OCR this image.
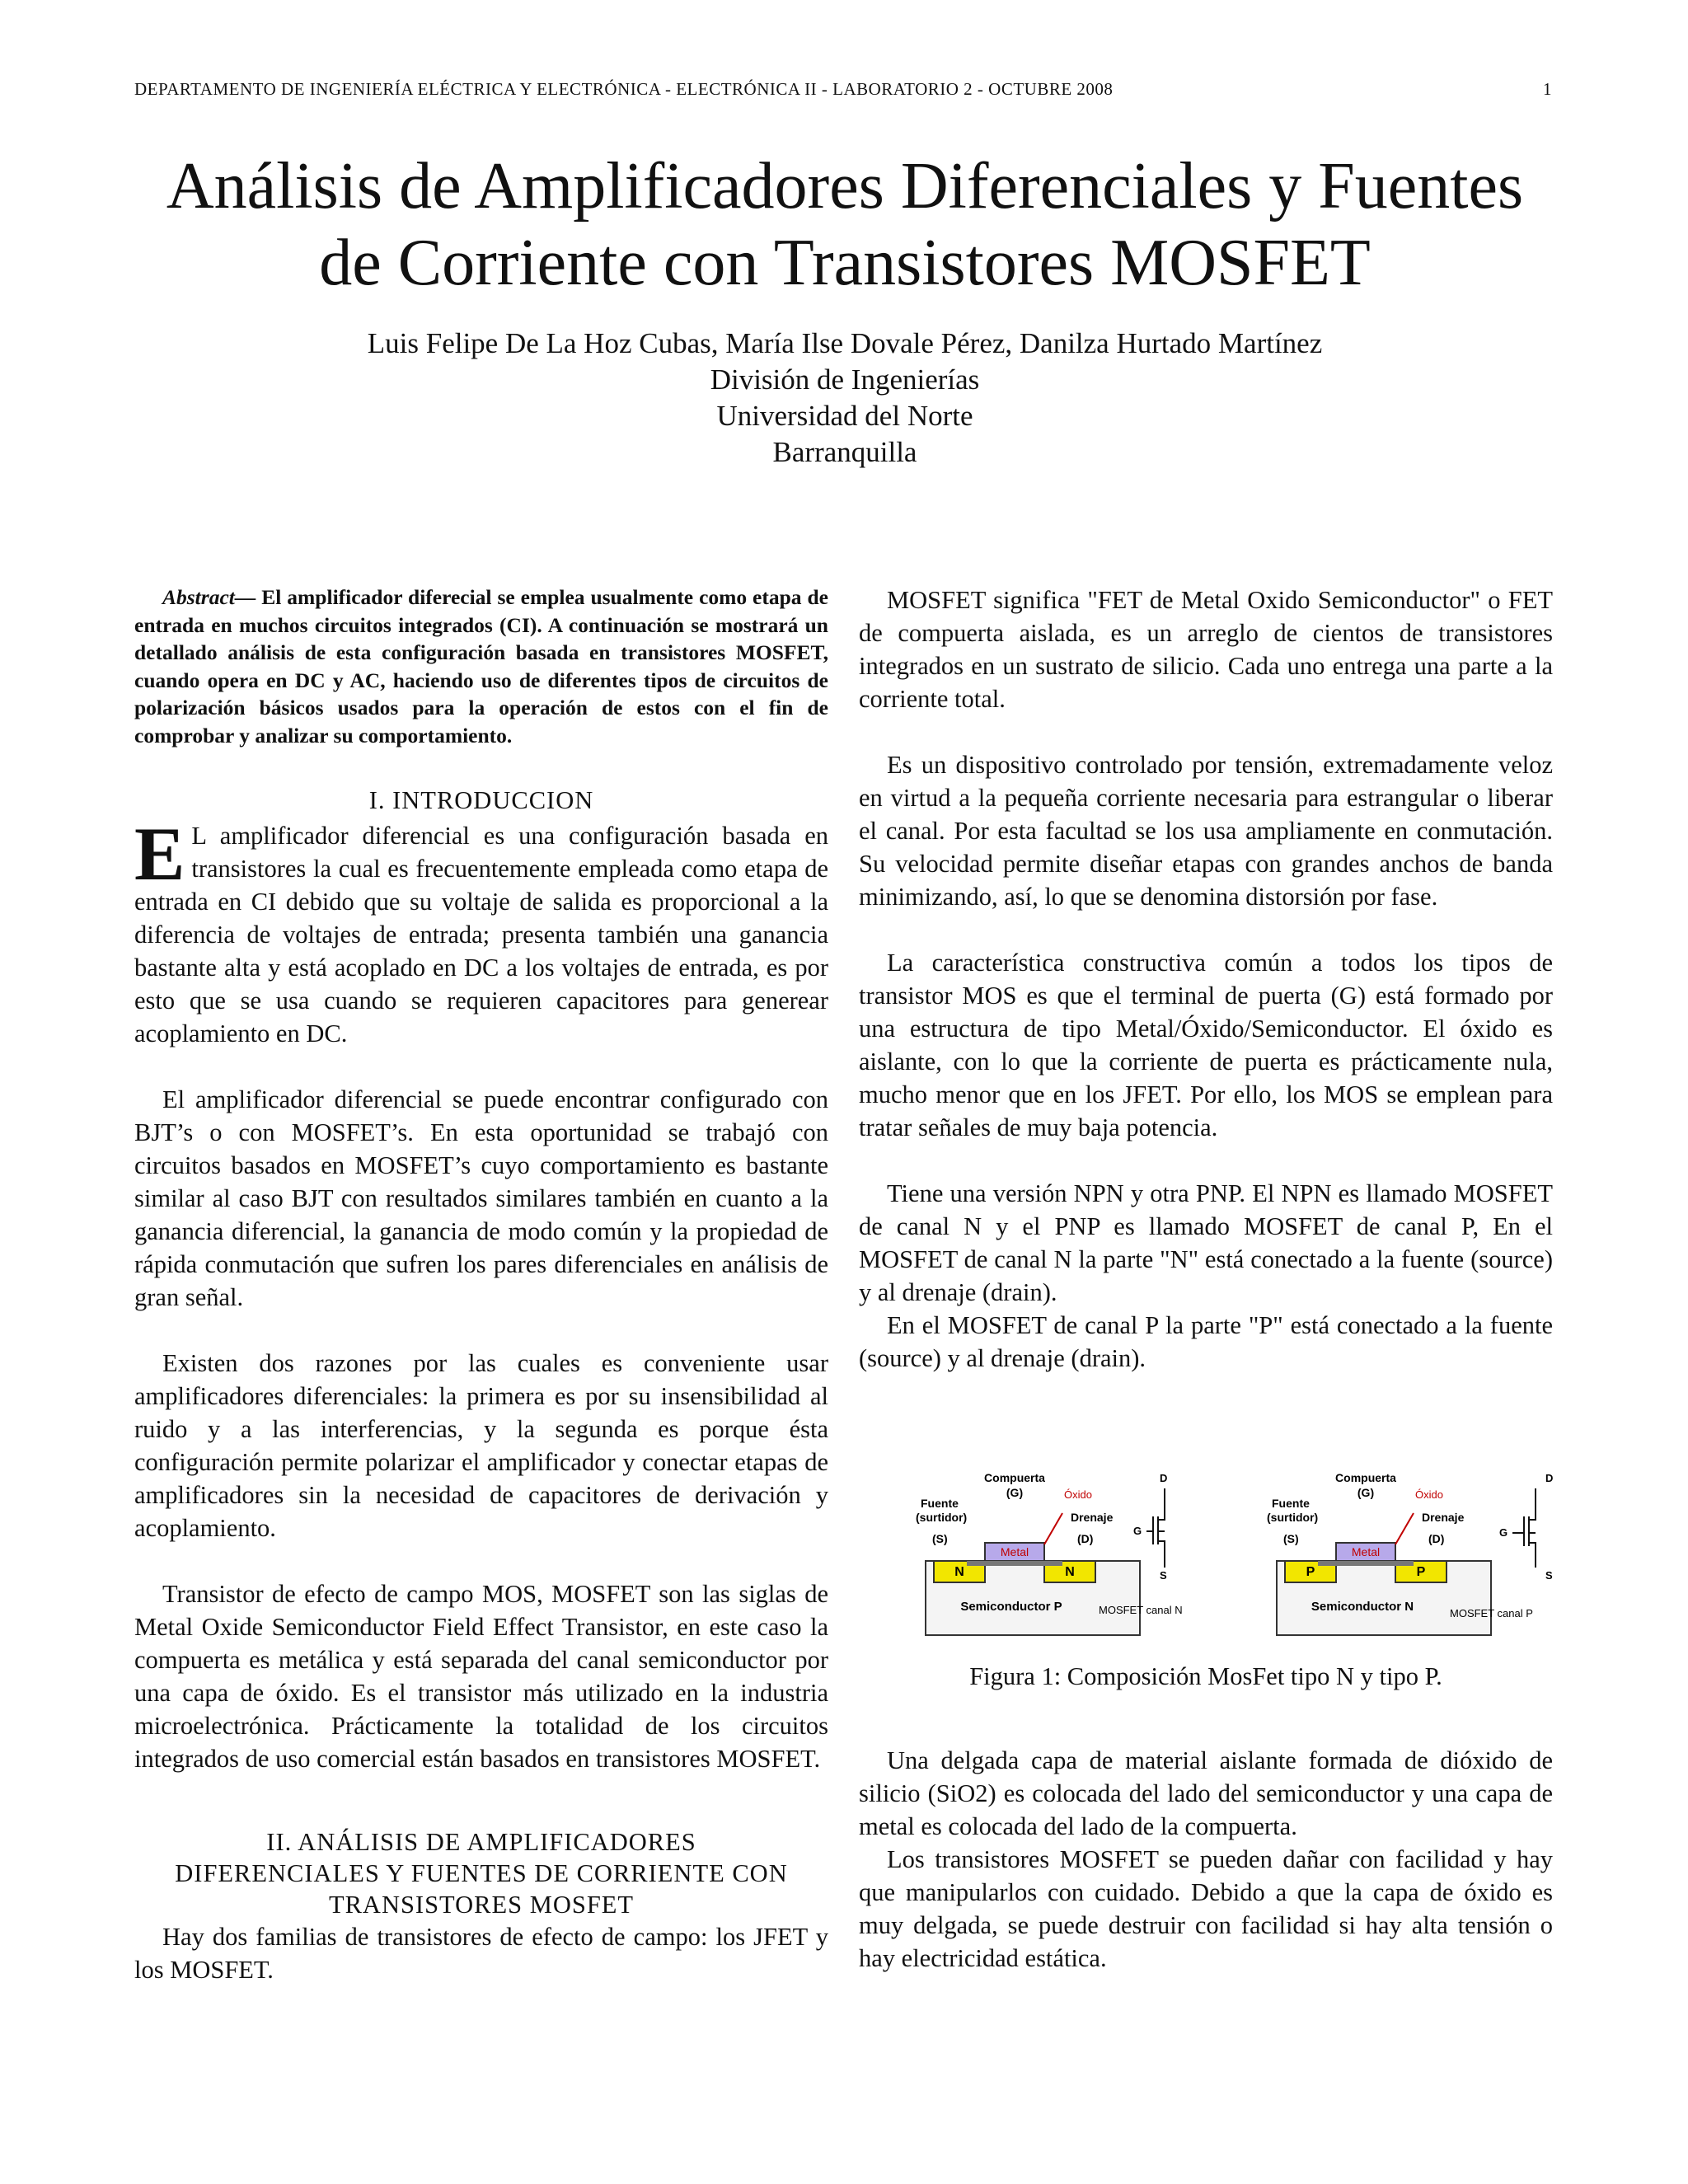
DEPARTAMENTO DE INGENIERÍA ELÉCTRICA Y ELECTRÓNICA - ELECTRÓNICA II - LABORATORIO 2 - OCTUBRE 2008	1
Análisis de Amplificadores Diferenciales y Fuentes
de Corriente con Transistores MOSFET
Luis Felipe De La Hoz Cubas, María Ilse Dovale Pérez, Danilza Hurtado Martínez
División de Ingenierías
Universidad del Norte
Barranquilla

Abstract— El amplificador diferecial se emplea usualmente como etapa de entrada en muchos circuitos integrados (CI). A continuación se mostrará un detallado análisis de esta configuración basada en transistores MOSFET, cuando opera en DC y AC, haciendo uso de diferentes tipos de circuitos de polarización básicos usados para la operación de estos con el fin de comprobar y analizar su comportamiento.

I. INTRODUCCION

E L amplificador diferencial es una configuración basada en transistores la cual es frecuentemente empleada como etapa de entrada en CI debido que su voltaje de salida es proporcional a la diferencia de voltajes de entrada; presenta también una ganancia bastante alta y está acoplado en DC a los voltajes de entrada, es por esto que se usa cuando se requieren capacitores para generear acoplamiento en DC.

El amplificador diferencial se puede encontrar configurado con BJT’s o con MOSFET’s. En esta oportunidad se trabajó con circuitos basados en MOSFET’s cuyo comportamiento es bastante similar al caso BJT con resultados similares también en cuanto a la ganancia diferencial, la ganancia de modo común y la propiedad de rápida conmutación que sufren los pares diferenciales en análisis de gran señal.

Existen dos razones por las cuales es conveniente usar amplificadores diferenciales: la primera es por su insensibilidad al ruido y a las interferencias, y la segunda es porque ésta configuración permite polarizar el amplificador y conectar etapas de amplificadores sin la necesidad de capacitores de derivación y acoplamiento.

Transistor de efecto de campo MOS, MOSFET son las siglas de Metal Oxide Semiconductor Field Effect Transistor, en este caso la compuerta es metálica y está separada del canal semiconductor por una capa de óxido. Es el transistor más utilizado en la industria microelectrónica. Prácticamente la totalidad de los circuitos integrados de uso comercial están basados en transistores MOSFET.

II. ANÁLISIS DE AMPLIFICADORES
DIFERENCIALES Y FUENTES DE CORRIENTE CON
TRANSISTORES MOSFET

Hay dos familias de transistores de efecto de campo: los JFET y los MOSFET.

MOSFET significa "FET de Metal Oxido Semiconductor" o FET de compuerta aislada, es un arreglo de cientos de transistores integrados en un sustrato de silicio. Cada uno entrega una parte a la corriente total.

Es un dispositivo controlado por tensión, extremadamente veloz en virtud a la pequeña corriente necesaria para estrangular o liberar el canal. Por esta facultad se los usa ampliamente en conmutación. Su velocidad permite diseñar etapas con grandes anchos de banda minimizando, así, lo que se denomina distorsión por fase.

La característica constructiva común a todos los tipos de transistor MOS es que el terminal de puerta (G) está formado por una estructura de tipo Metal/Óxido/Semiconductor. El óxido es aislante, con lo que la corriente de puerta es prácticamente nula, mucho menor que en los JFET. Por ello, los MOS se emplean para tratar señales de muy baja potencia.

Tiene una versión NPN y otra PNP. El NPN es llamado MOSFET de canal N y el PNP es llamado MOSFET de canal P, En el MOSFET de canal N la parte "N" está conectado a la fuente (source) y al drenaje (drain).

En el MOSFET de canal P la parte "P" está conectado a la fuente (source) y al drenaje (drain).

Metal
N	N
Semiconductor P
Compuerta
(G)	Óxido
Fuente
(surtidor)
(S)
Drenaje
(D)
MOSFET canal N
D
G
S
Metal
P	P
Semiconductor N
Compuerta
(G)	Óxido
Fuente
(surtidor)
(S)
Drenaje
(D)
MOSFET canal P
D
G
S
Figura 1: Composición MosFet tipo N y tipo P.

Una delgada capa de material aislante formada de dióxido de silicio (SiO2) es colocada del lado del semiconductor y una capa de metal es colocada del lado de la compuerta.

Los transistores MOSFET se pueden dañar con facilidad y hay que manipularlos con cuidado. Debido a que la capa de óxido es muy delgada, se puede destruir con facilidad si hay alta tensión o hay electricidad estática.
